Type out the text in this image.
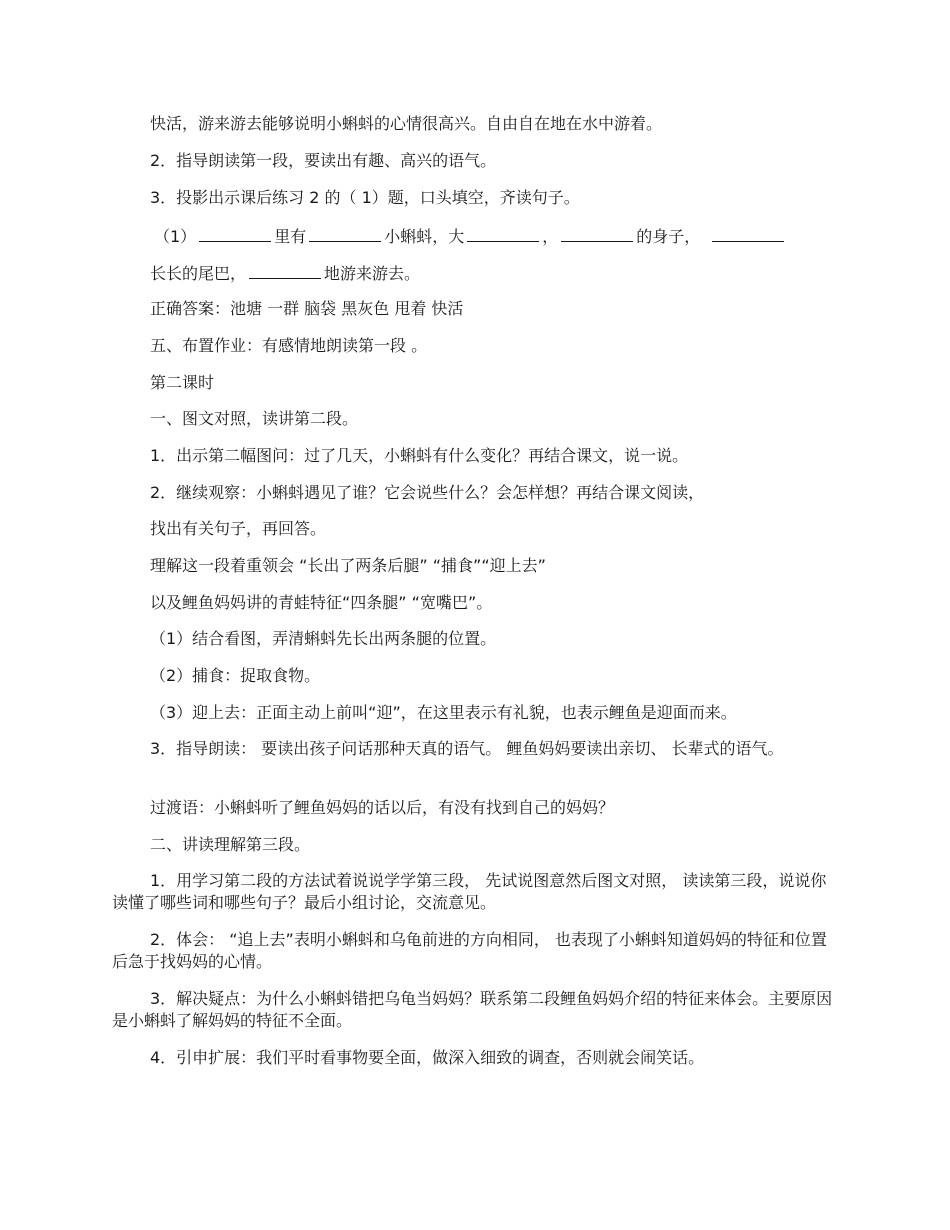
快活，游来游去能够说明小蝌蚪的心情很高兴。自由自在地在水中游着。
2．指导朗读第一段，要读出有趣、高兴的语气。
3．投影出示课后练习 2 的（ 1）题，口头填空，齐读句子。
（1）	里有	小蝌蚪，大	，	的身子，
长长的尾巴，	地游来游去。
正确答案：池塘 一群 脑袋 黑灰色 甩着 快活
五、布置作业：有感情地朗读第一段 。
第二课时
一、图文对照，读讲第二段。
1．出示第二幅图问：过了几天，小蝌蚪有什么变化？再结合课文，说一说。
2．继续观察：小蝌蚪遇见了谁？它会说些什么？会怎样想？再结合课文阅读，
找出有关句子，再回答。
理解这一段着重领会 “长出了两条后腿” “捕食”“迎上去”
以及鲤鱼妈妈讲的青蛙特征“四条腿” “宽嘴巴”。
（1）结合看图，弄清蝌蚪先长出两条腿的位置。
（2）捕食：捉取食物。
（3）迎上去：正面主动上前叫“迎”，在这里表示有礼貌，也表示鲤鱼是迎面而来。
3．指导朗读： 要读出孩子问话那种天真的语气。 鲤鱼妈妈要读出亲切、 长辈式的语气。
过渡语：小蝌蚪听了鲤鱼妈妈的话以后，有没有找到自己的妈妈？
二、讲读理解第三段。
1．用学习第二段的方法试着说说学学第三段， 先试说图意然后图文对照， 读读第三段，说说你读懂了哪些词和哪些句子？最后小组讨论，交流意见。
2．体会： “追上去”表明小蝌蚪和乌龟前进的方向相同， 也表现了小蝌蚪知道妈妈的特征和位置后急于找妈妈的心情。
3．解决疑点：为什么小蝌蚪错把乌龟当妈妈？联系第二段鲤鱼妈妈介绍的特征来体会。主要原因是小蝌蚪了解妈妈的特征不全面。
4．引申扩展：我们平时看事物要全面，做深入细致的调查，否则就会闹笑话。
